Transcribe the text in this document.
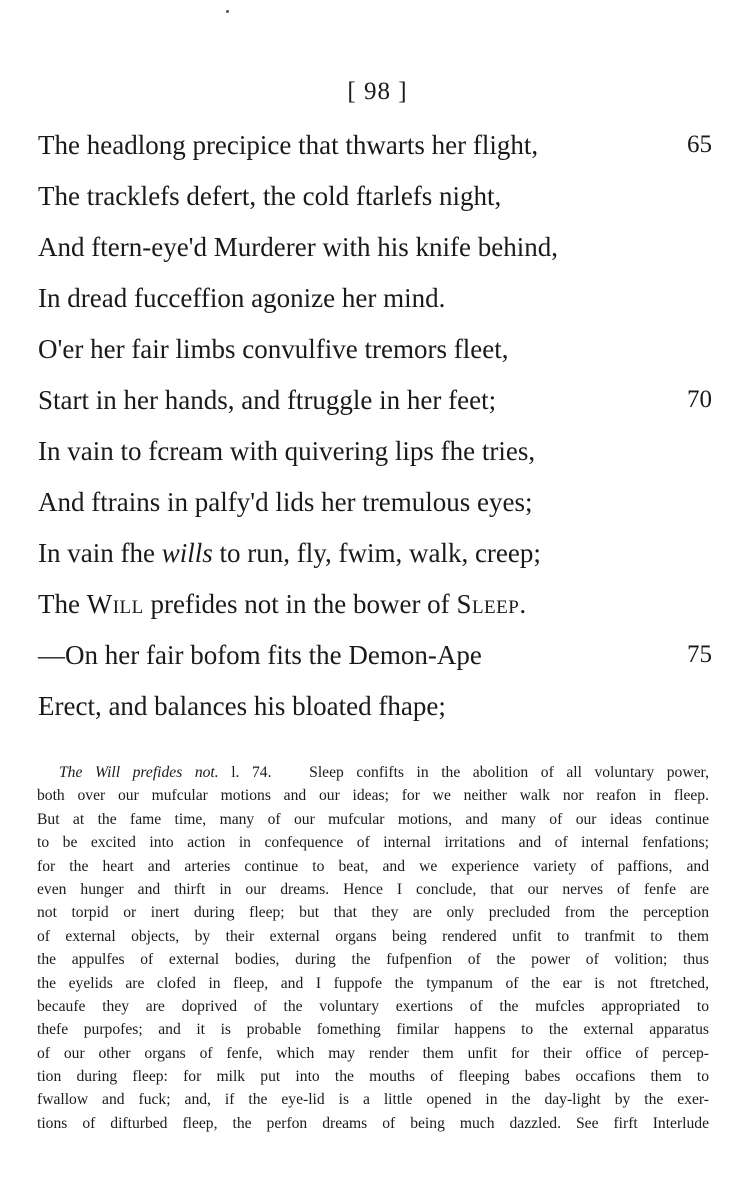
[ 98 ]
The headlong precipice that thwarts her flight,	65
The tracklefs defert, the cold ftarlefs night,
And ftern-eye'd Murderer with his knife behind,
In dread fucceffion agonize her mind.
O'er her fair limbs convulfive tremors fleet,
Start in her hands, and ftruggle in her feet;	70
In vain to fcream with quivering lips fhe tries,
And ftrains in palfy'd lids her tremulous eyes;
In vain fhe wills to run, fly, fwim, walk, creep;
The Will prefides not in the bower of Sleep.
—On her fair bofom fits the Demon-Ape	75
Erect, and balances his bloated fhape;
The Will prefides not. l. 74. Sleep confifts in the abolition of all voluntary power,
both over our mufcular motions and our ideas; for we neither walk nor reafon in fleep.
But at the fame time, many of our mufcular motions, and many of our ideas continue
to be excited into action in confequence of internal irritations and of internal fenfations;
for the heart and arteries continue to beat, and we experience variety of paffions, and
even hunger and thirft in our dreams. Hence I conclude, that our nerves of fenfe are
not torpid or inert during fleep; but that they are only precluded from the perception
of external objects, by their external organs being rendered unfit to tranfmit to them
the appulfes of external bodies, during the fufpenfion of the power of volition; thus
the eyelids are clofed in fleep, and I fuppofe the tympanum of the ear is not ftretched,
becaufe they are doprived of the voluntary exertions of the mufcles appropriated to
thefe purpofes; and it is probable fomething fimilar happens to the external apparatus
of our other organs of fenfe, which may render them unfit for their office of percep-
tion during fleep: for milk put into the mouths of fleeping babes occafions them to
fwallow and fuck; and, if the eye-lid is a little opened in the day-light by the exer-
tions of difturbed fleep, the perfon dreams of being much dazzled. See firft Interlude
